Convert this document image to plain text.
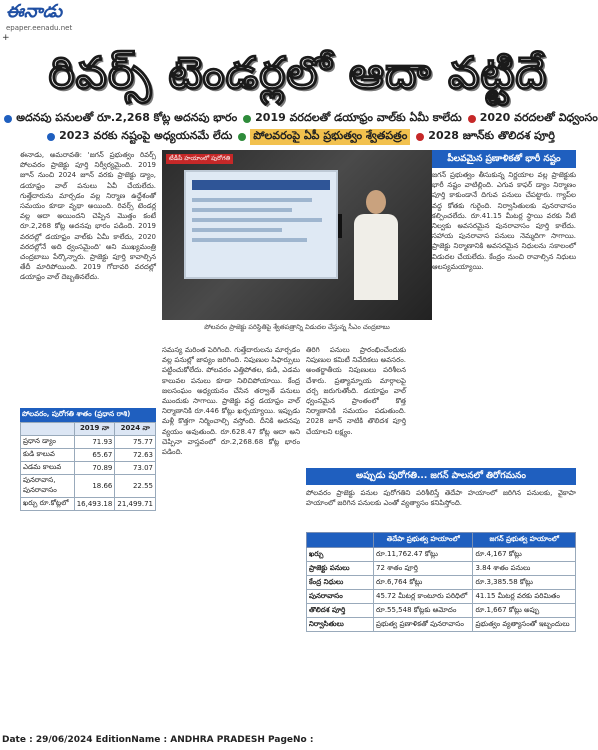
ఈనాడు
epaper.eenadu.net
+
రివర్స్ టెండర్లలో ఆదా వట్టిదే
అదనపు పనులతో రూ.2,268 కోట్ల అదనపు భారం 2019 వరదలతో డయాఫ్రం వాల్‌కు ఏమీ కాలేదు 2020 వరదలతో విధ్వంసం
2023 వరకు నష్టంపై అధ్యయనమే లేదు పోలవరంపై ఏపీ ప్రభుత్వం శ్వేతపత్రం 2028 జూన్‌కు తొలిదశ పూర్తి

ఈనాడు, అమరావతి: 'జగన్ ప్రభుత్వం రివర్స్ పోలవరం ప్రాజెక్టు పూర్తి నిర్వీర్యమైంది. 2019 జూన్ నుంచి 2024 జూన్ వరకు ప్రాజెక్టు డ్యాం, డయాఫ్రం వాల్ పనులు ఏవీ చేయలేదు. గుత్తేదారును మార్చడం వల్ల నిర్మాణ ఉద్దేశంతో సమయం కూడా వృథా అయింది. రివర్స్ టెండర్ల వల్ల ఆదా అయిందని చెప్పిన మొత్తం కంటే రూ.2,268 కోట్ల అదనపు భారం పడింది. 2019 వరదల్లో డయాఫ్రం వాల్‌కు ఏమీ కాలేదు, 2020 వరదల్లోనే అది ధ్వంసమైంది' అని ముఖ్యమంత్రి చంద్రబాబు పేర్కొన్నారు. ప్రాజెక్టు పూర్తి కావాల్సిన తేదీ మారిపోయింది. 2019 గోదావరి వరదల్లో డయాఫ్రం వాల్ దెబ్బతినలేదు.

పోలవరం, పురోగతి శాతం (ప్రధాన రాశి)
	2019 నా	2024 నా
ప్రధాన డ్యాం	71.93	75.77
కుడి కాలువ	65.67	72.63
ఎడమ కాలువ	70.89	73.07
పునరావాస, పునరావాసం	18.66	22.55
ఖర్చు రూ.కోట్లలో	16,493.18	21,499.71
టీడీపీ హయాంలో పురోగతి
పోలవరం ప్రాజెక్టు పరిస్థితిపై శ్వేతపత్రాన్ని విడుదల చేస్తున్న సీఎం చంద్రబాబు

సమస్య మరింత పెరిగింది. గుత్తేదారులను మార్చడం వల్ల పనుల్లో జాప్యం జరిగింది. నిపుణుల సిఫార్సులు పట్టించుకోలేదు. పోలవరం ఎత్తిపోతల, కుడి, ఎడమ కాలువల పనులు కూడా నిలిచిపోయాయి. కేంద్ర జలసంఘం అధ్యయనం చేసిన తర్వాతే పనులు ముందుకు సాగాయి. ప్రాజెక్టు వద్ద డయాఫ్రం వాల్ నిర్మాణానికి రూ.446 కోట్లు ఖర్చయ్యాయి. ఇప్పుడు మళ్లీ కొత్తగా నిర్మించాల్సి వస్తోంది. దీనికి అదనపు వ్యయం అవుతుంది. రూ.628.47 కోట్ల ఆదా అని చెప్పినా వాస్తవంలో రూ.2,268.68 కోట్ల భారం పడింది.

తిరిగి పనులు ప్రారంభించేందుకు నిపుణుల కమిటీ నివేదికలు అవసరం. అంతర్జాతీయ నిపుణులు పరిశీలన చేశారు. ప్రత్యామ్నాయ మార్గాలపై చర్చ జరుగుతోంది. డయాఫ్రం వాల్ ధ్వంసమైన ప్రాంతంలో కొత్త నిర్మాణానికి సమయం పడుతుంది. 2028 జూన్ నాటికి తొలిదశ పూర్తి చేయాలని లక్ష్యం.

పీలవమైన ప్రణాళికతో భారీ నష్టం
జగన్ ప్రభుత్వం తీసుకున్న నిర్ణయాల వల్ల ప్రాజెక్టుకు భారీ నష్టం వాటిల్లింది. ఎగువ కాఫర్ డ్యాం నిర్మాణం పూర్తి కాకుండానే దిగువ పనులు చేపట్టారు. గ్యాప్‌ల వద్ద కోతకు గురైంది. నిర్వాసితులకు పునరావాసం కల్పించలేదు. రూ.41.15 మీటర్ల స్థాయి వరకు నీటి నిల్వకు అవసరమైన పునరావాసం పూర్తి కాలేదు. సహాయ పునరావాస పనులు నెమ్మదిగా సాగాయి. ప్రాజెక్టు నిర్మాణానికి అవసరమైన నిధులను సకాలంలో విడుదల చేయలేదు. కేంద్రం నుంచి రావాల్సిన నిధులు ఆలస్యమయ్యాయి.
అప్పుడు పురోగతి... జగన్ పాలనలో తిరోగమనం
పోలవరం ప్రాజెక్టు పనుల పురోగతిని పరిశీలిస్తే తెదేపా హయాంలో జరిగిన పనులకు, వైకాపా హయాంలో జరిగిన పనులకు ఎంతో వ్యత్యాసం కనిపిస్తోంది.
	తెదేపా ప్రభుత్వ హయాంలో	జగన్ ప్రభుత్వ హయాంలో
ఖర్చు	రూ.11,762.47 కోట్లు	రూ.4,167 కోట్లు
ప్రాజెక్టు పనులు	72 శాతం పూర్తి	3.84 శాతం పనులు
కేంద్ర నిధులు	రూ.6,764 కోట్లు	రూ.3,385.58 కోట్లు
పునరావాసం	45.72 మీటర్ల కాంటూరు పరిధిలో	41.15 మీటర్ల వరకు పరిమితం
తొలిదశ పూర్తి	రూ.55,548 కోట్లకు ఆమోదం	రూ.1,667 కోట్లు అప్పు
నిర్వాసితులు	ప్రభుత్వ ప్రణాళికతో పునరావాసం	ప్రభుత్వం వ్యత్యాసంతో ఇబ్బందులు
Date : 29/06/2024 EditionName : ANDHRA PRADESH PageNo :
